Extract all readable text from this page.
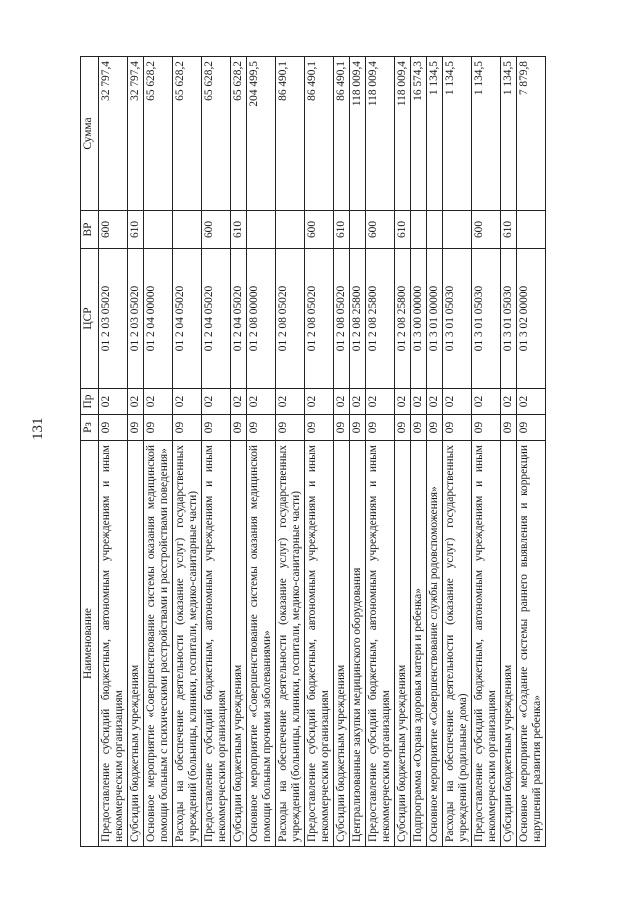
131
Наименование	Рз	Пр	ЦСР	ВР	Сумма
Предоставление субсидий бюджетным, автономным учреждениям и иным некоммерческим организациям	09	02	01 2 03 05020	600	32 797,4
Субсидии бюджетным учреждениям	09	02	01 2 03 05020	610	32 797,4
Основное мероприятие «Совершенствование системы оказания медицинской помощи больным с психическими расстройствами и расстройствами поведения»	09	02	01 2 04 00000		65 628,2
Расходы на обеспечение деятельности (оказание услуг) государственных учреждений (больницы, клиники, госпитали, медико-санитарные части)	09	02	01 2 04 05020		65 628,2
Предоставление субсидий бюджетным, автономным учреждениям и иным некоммерческим организациям	09	02	01 2 04 05020	600	65 628,2
Субсидии бюджетным учреждениям	09	02	01 2 04 05020	610	65 628,2
Основное мероприятие «Совершенствование системы оказания медицинской помощи больным прочими заболеваниями»	09	02	01 2 08 00000		204 499,5
Расходы на обеспечение деятельности (оказание услуг) государственных учреждений (больницы, клиники, госпитали, медико-санитарные части)	09	02	01 2 08 05020		86 490,1
Предоставление субсидий бюджетным, автономным учреждениям и иным некоммерческим организациям	09	02	01 2 08 05020	600	86 490,1
Субсидии бюджетным учреждениям	09	02	01 2 08 05020	610	86 490,1
Централизованные закупки медицинского оборудования	09	02	01 2 08 25800		118 009,4
Предоставление субсидий бюджетным, автономным учреждениям и иным некоммерческим организациям	09	02	01 2 08 25800	600	118 009,4
Субсидии бюджетным учреждениям	09	02	01 2 08 25800	610	118 009,4
Подпрограмма «Охрана здоровья матери и ребенка»	09	02	01 3 00 00000		16 574,3
Основное мероприятие «Совершенствование службы родовспоможения»	09	02	01 3 01 00000		1 134,5
Расходы на обеспечение деятельности (оказание услуг) государственных учреждений (родильные дома)	09	02	01 3 01 05030		1 134,5
Предоставление субсидий бюджетным, автономным учреждениям и иным некоммерческим организациям	09	02	01 3 01 05030	600	1 134,5
Субсидии бюджетным учреждениям	09	02	01 3 01 05030	610	1 134,5
Основное мероприятие «Создание системы раннего выявления и коррекции нарушений развития ребенка»	09	02	01 3 02 00000		7 879,8
